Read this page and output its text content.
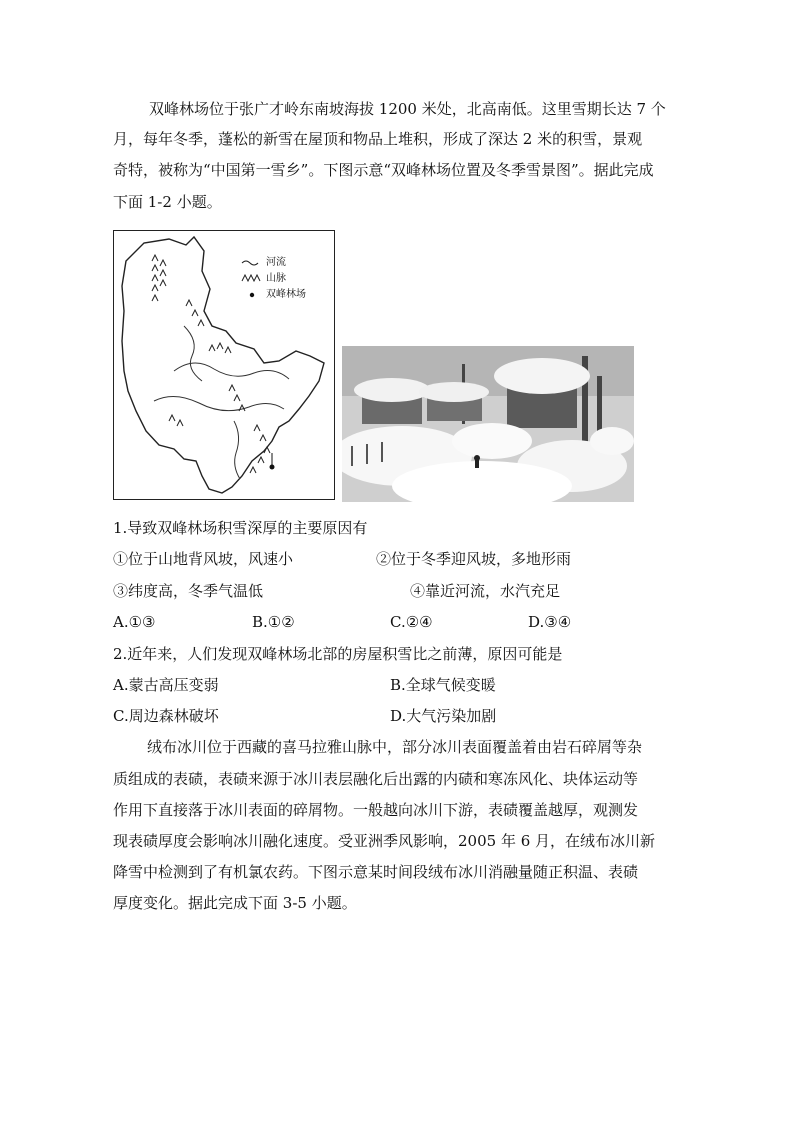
双峰林场位于张广才岭东南坡海拔 1200 米处，北高南低。这里雪期长达 7 个
月，每年冬季，蓬松的新雪在屋顶和物品上堆积，形成了深达 2 米的积雪，景观
奇特，被称为“中国第一雪乡”。下图示意“双峰林场位置及冬季雪景图”。据此完成
下面 1-2 小题。
河流
山脉
双峰林场
1.导致双峰林场积雪深厚的主要原因有
①位于山地背风坡，风速小	②位于冬季迎风坡，多地形雨
③纬度高，冬季气温低	④靠近河流，水汽充足
A.①③	B.①②	C.②④	D.③④
2.近年来，人们发现双峰林场北部的房屋积雪比之前薄，原因可能是
A.蒙古高压变弱	B.全球气候变暖
C.周边森林破坏	D.大气污染加剧
绒布冰川位于西藏的喜马拉雅山脉中，部分冰川表面覆盖着由岩石碎屑等杂
质组成的表碛，表碛来源于冰川表层融化后出露的内碛和寒冻风化、块体运动等
作用下直接落于冰川表面的碎屑物。一般越向冰川下游，表碛覆盖越厚，观测发
现表碛厚度会影响冰川融化速度。受亚洲季风影响，2005 年 6 月，在绒布冰川新
降雪中检测到了有机氯农药。下图示意某时间段绒布冰川消融量随正积温、表碛
厚度变化。据此完成下面 3-5 小题。
